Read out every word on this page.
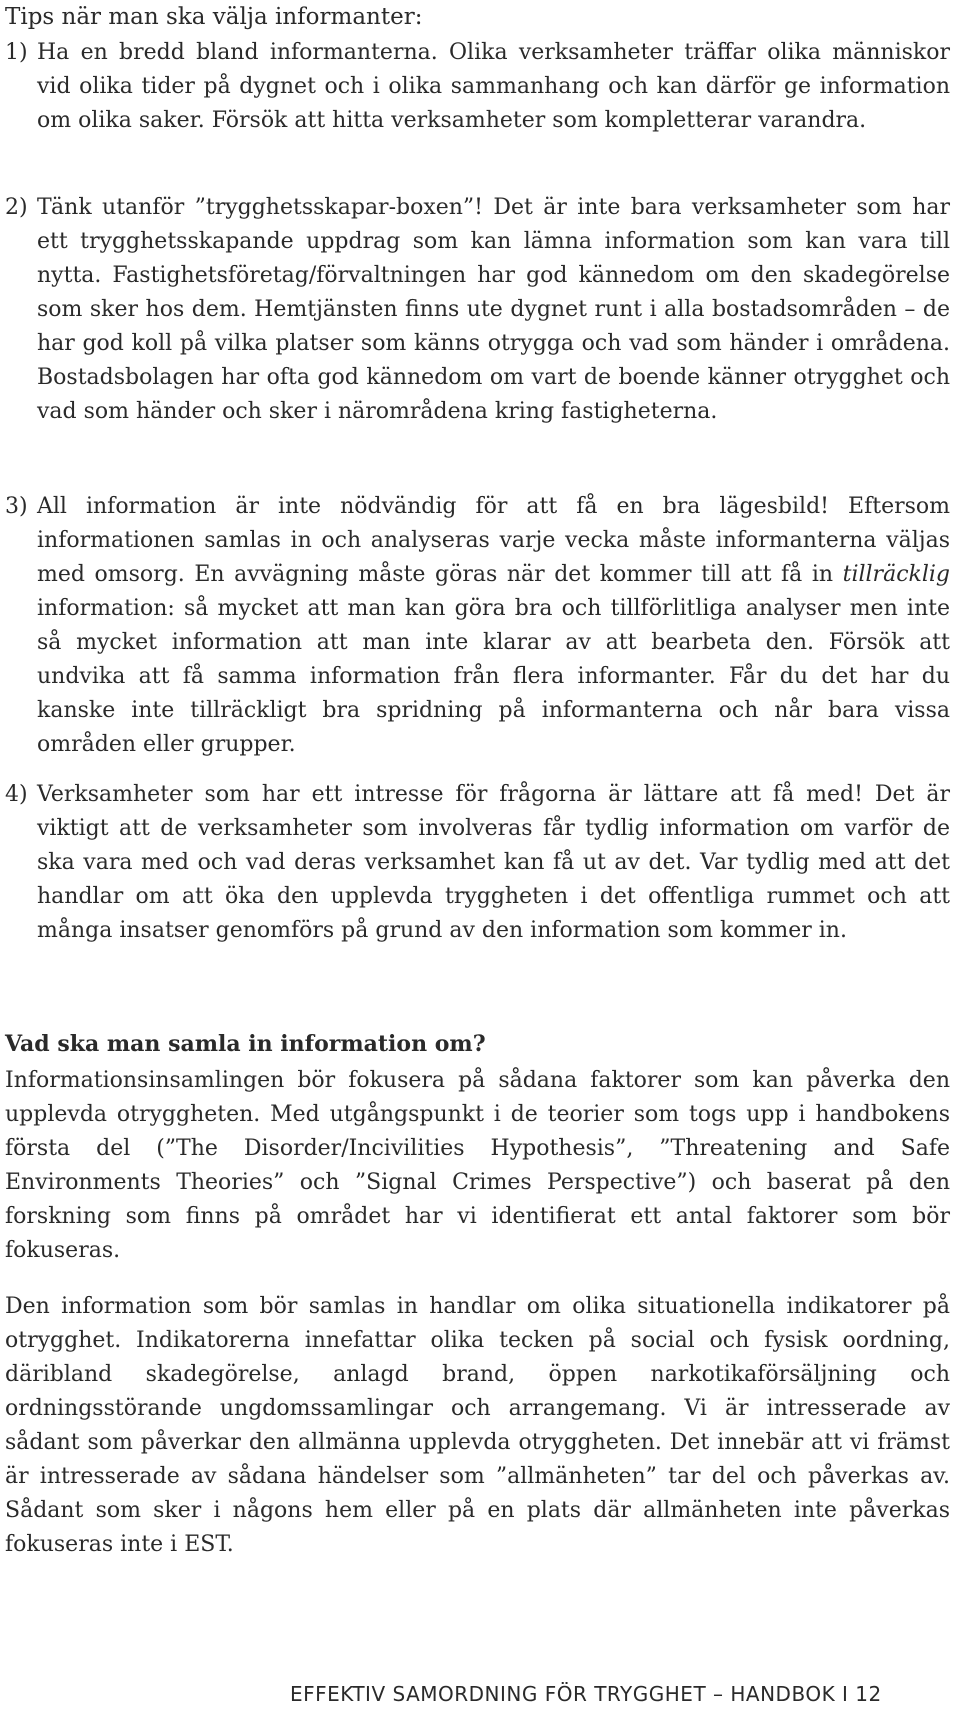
Tips när man ska välja informanter:

1) Ha en bredd bland informanterna. Olika verksamheter träffar olika människor vid olika tider på dygnet och i olika sammanhang och kan därför ge information om olika saker. Försök att hitta verksamheter som kompletterar varandra.

2) Tänk utanför ”trygghetsskapar-boxen”! Det är inte bara verksamheter som har ett trygghetsskapande uppdrag som kan lämna information som kan vara till nytta. Fastighetsföretag/förvaltningen har god kännedom om den skadegörelse som sker hos dem. Hemtjänsten finns ute dygnet runt i alla bostadsområden – de har god koll på vilka platser som känns otrygga och vad som händer i områdena. Bostadsbolagen har ofta god kännedom om vart de boende känner otrygghet och vad som händer och sker i närområdena kring fastigheterna.

3) All information är inte nödvändig för att få en bra lägesbild! Eftersom informationen samlas in och analyseras varje vecka måste informanterna väljas med omsorg. En avvägning måste göras när det kommer till att få in tillräcklig information: så mycket att man kan göra bra och tillförlitliga analyser men inte så mycket information att man inte klarar av att bearbeta den. Försök att undvika att få samma information från flera informanter. Får du det har du kanske inte tillräckligt bra spridning på informanterna och når bara vissa områden eller grupper.

4) Verksamheter som har ett intresse för frågorna är lättare att få med! Det är viktigt att de verksamheter som involveras får tydlig information om varför de ska vara med och vad deras verksamhet kan få ut av det. Var tydlig med att det handlar om att öka den upplevda tryggheten i det offentliga rummet och att många insatser genomförs på grund av den information som kommer in.

Vad ska man samla in information om?

Informationsinsamlingen bör fokusera på sådana faktorer som kan påverka den upplevda otryggheten. Med utgångspunkt i de teorier som togs upp i handbokens första del (”The Disorder/Incivilities Hypothesis”, ”Threatening and Safe Environments Theories” och ”Signal Crimes Perspective”) och baserat på den forskning som finns på området har vi identifierat ett antal faktorer som bör fokuseras.

Den information som bör samlas in handlar om olika situationella indikatorer på otrygghet. Indikatorerna innefattar olika tecken på social och fysisk oordning, däribland skadegörelse, anlagd brand, öppen narkotikaförsäljning och ordningsstörande ungdomssamlingar och arrangemang. Vi är intresserade av sådant som påverkar den allmänna upplevda otryggheten. Det innebär att vi främst är intresserade av sådana händelser som ”allmänheten” tar del och påverkas av. Sådant som sker i någons hem eller på en plats där allmänheten inte påverkas fokuseras inte i EST.

EFFEKTIV SAMORDNING FÖR TRYGGHET – HANDBOK I 12
